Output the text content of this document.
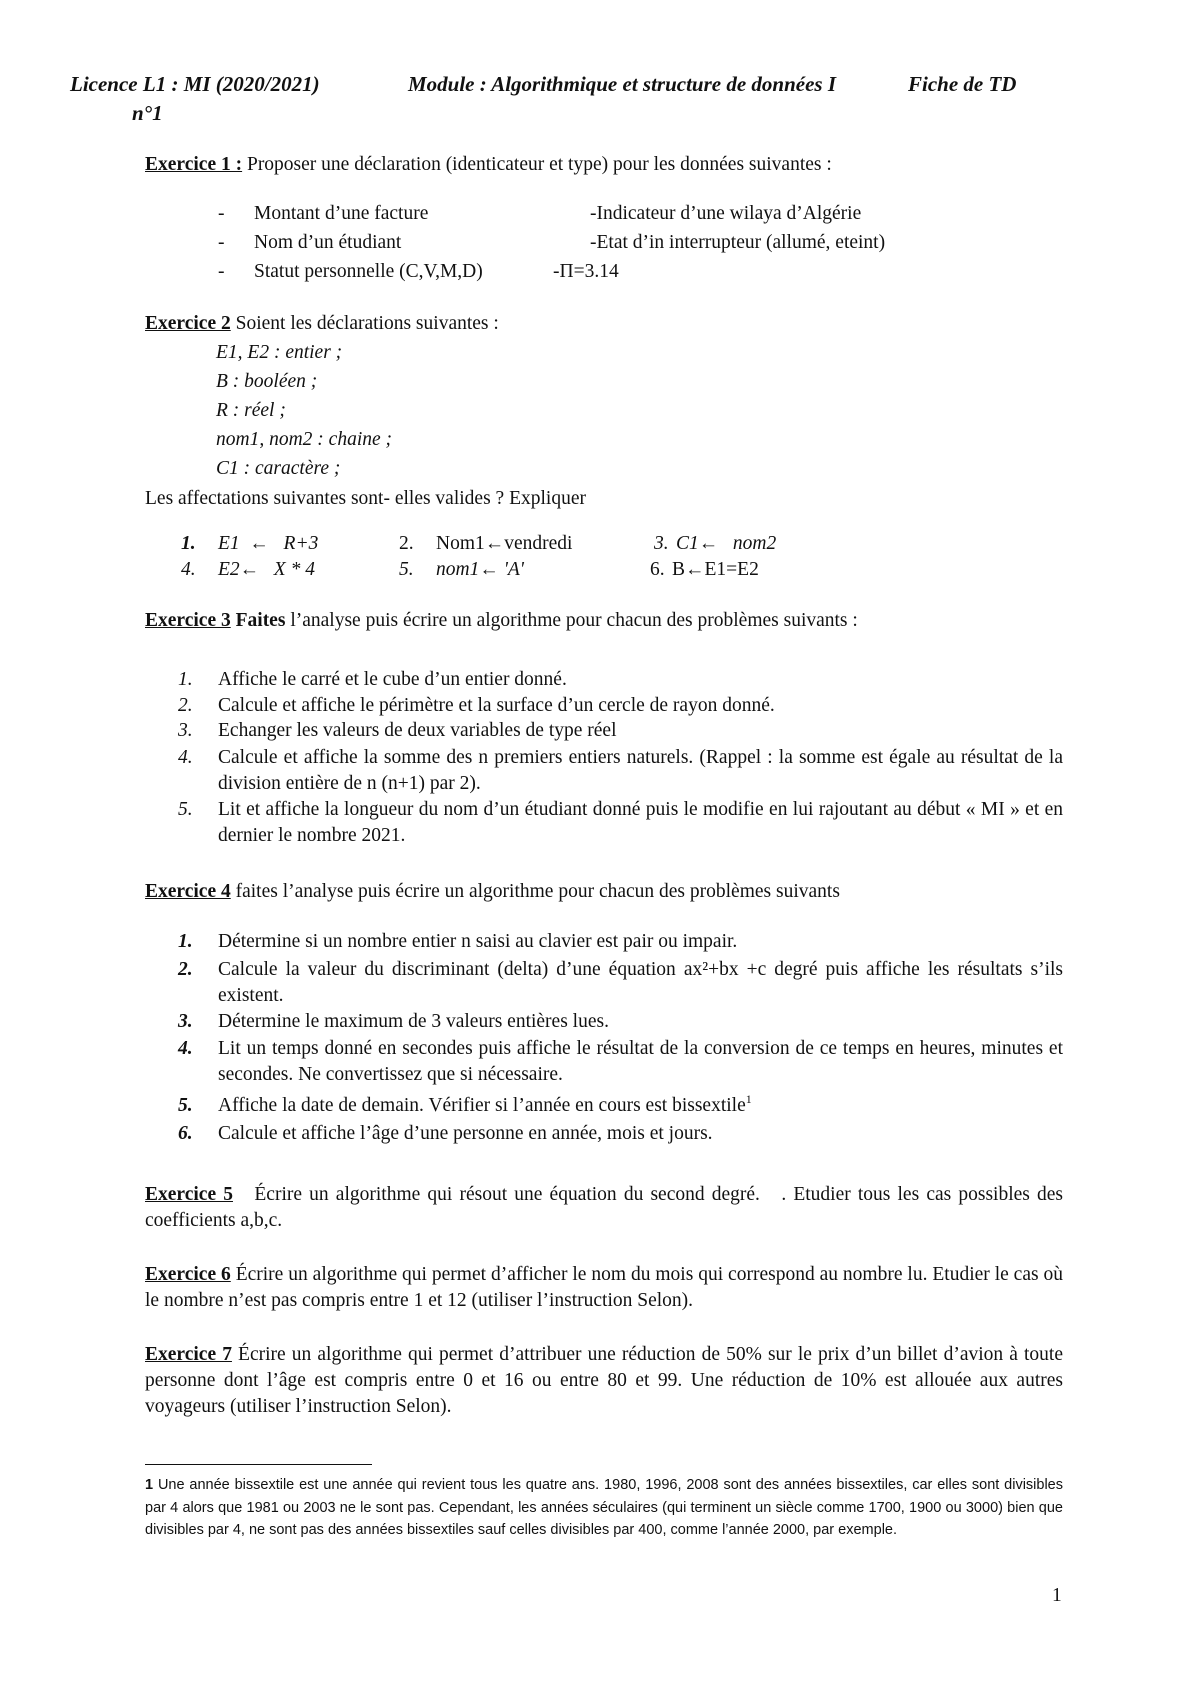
Licence L1 : MI (2020/2021)	Module : Algorithmique et structure de données I	Fiche de TD
n°1
Exercice 1 : Proposer une déclaration (identicateur et type) pour les données suivantes :
- Montant d’une facture	-Indicateur d’une wilaya d’Algérie
- Nom d’un étudiant	-Etat d’in interrupteur (allumé, eteint)
- Statut personnelle (C,V,M,D)	-Π=3.14
Exercice 2 Soient les déclarations suivantes :
E1, E2 : entier ;
B : booléen ;
R : réel ;
nom1, nom2 : chaine ;
C1 : caractère ;
Les affectations suivantes sont- elles valides ? Expliquer
1. E1  ←   R+3	2. Nom1←vendredi	3. C1←   nom2
4. E2←   X * 4	5. nom1← 'A'	6. B←E1=E2
Exercice 3 Faites l’analyse puis écrire un algorithme pour chacun des problèmes suivants :
1.	Affiche le carré et le cube d’un entier donné.
2.	Calcule et affiche le périmètre et la surface d’un cercle de rayon donné.
3.	Echanger les valeurs de deux variables de type réel
4.	Calcule et affiche la somme des n premiers entiers naturels. (Rappel : la somme est égale au résultat de la division entière de n (n+1) par 2).
5.	Lit et affiche la longueur du nom d’un étudiant donné puis le modifie en lui rajoutant au début « MI » et en dernier le nombre 2021.
Exercice 4 faites l’analyse puis écrire un algorithme pour chacun des problèmes suivants
1.	Détermine si un nombre entier n saisi au clavier est pair ou impair.
2.	Calcule la valeur du discriminant (delta) d’une équation ax²+bx +c degré puis affiche les résultats s’ils existent.
3.	Détermine le maximum de 3 valeurs entières lues.
4.	Lit un temps donné en secondes puis affiche le résultat de la conversion de ce temps en heures, minutes et secondes. Ne convertissez que si nécessaire.
5.	Affiche la date de demain. Vérifier si l’année en cours est bissextile$^1$
6.	Calcule et affiche l’âge d’une personne en année, mois et jours.
Exercice 5   Écrire un algorithme qui résout une équation du second degré.   . Etudier tous les cas possibles des coefficients a,b,c.
Exercice 6 Écrire un algorithme qui permet d’afficher le nom du mois qui correspond au nombre lu. Etudier le cas où le nombre n’est pas compris entre 1 et 12 (utiliser l’instruction Selon).
Exercice 7 Écrire un algorithme qui permet d’attribuer une réduction de 50% sur le prix d’un billet d’avion à toute personne dont l’âge est compris entre 0 et 16 ou entre 80 et 99. Une réduction de 10% est allouée aux autres voyageurs (utiliser l’instruction Selon).
1 Une année bissextile est une année qui revient tous les quatre ans. 1980, 1996, 2008 sont des années bissextiles, car elles sont divisibles par 4 alors que 1981 ou 2003 ne le sont pas. Cependant, les années séculaires (qui terminent un siècle comme 1700, 1900 ou 3000) bien que divisibles par 4, ne sont pas des années bissextiles sauf celles divisibles par 400, comme l’année 2000, par exemple.
1
